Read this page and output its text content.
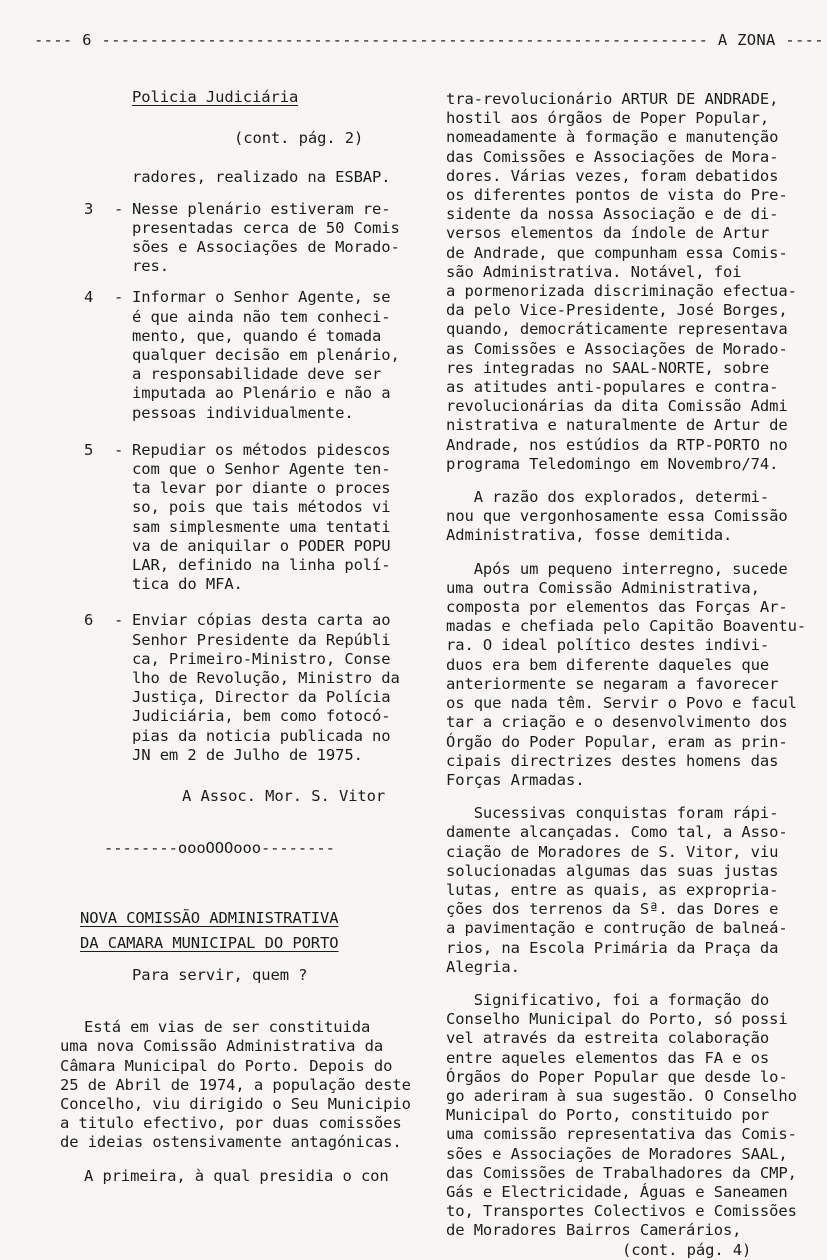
---- 6 --------------------------------------------------------------- A ZONA ----
Policia Judiciária
(cont. pág. 2)
radores, realizado na ESBAP.
3 - Nesse plenário estiveram re-
presentadas cerca de 50 Comis
sões e Associações de Morado-
res.
4 - Informar o Senhor Agente, se
é que ainda não tem conheci-
mento, que, quando é tomada
qualquer decisão em plenário,
a responsabilidade deve ser
imputada ao Plenário e não a
pessoas individualmente.
5 - Repudiar os métodos pidescos
com que o Senhor Agente ten-
ta levar por diante o proces
so, pois que tais métodos vi
sam simplesmente uma tentati
va de aniquilar o PODER POPU
LAR, definido na linha polí-
tica do MFA.
6 - Enviar cópias desta carta ao
Senhor Presidente da Repúbli
ca, Primeiro-Ministro, Conse
lho de Revolução, Ministro da
Justiça, Director da Polícia
Judiciária, bem como fotocó-
pias da noticia publicada no
JN em 2 de Julho de 1975.
A Assoc. Mor. S. Vitor
--------oooOOOooo--------
NOVA COMISSÃO ADMINISTRATIVA
DA CAMARA MUNICIPAL DO PORTO
Para servir, quem ?
Está em vias de ser constituida
uma nova Comissão Administrativa da
Câmara Municipal do Porto. Depois do
25 de Abril de 1974, a população deste
Concelho, viu dirigido o Seu Municipio
a titulo efectivo, por duas comissões
de ideias ostensivamente antagónicas.
A primeira, à qual presidia o con
tra-revolucionário ARTUR DE ANDRADE,
hostil aos órgãos de Poper Popular,
nomeadamente à formação e manutenção
das Comissões e Associações de Mora-
dores. Várias vezes, foram debatidos
os diferentes pontos de vista do Pre-
sidente da nossa Associação e de di-
versos elementos da índole de Artur
de Andrade, que compunham essa Comis-
são Administrativa. Notável, foi
a pormenorizada discriminação efectua-
da pelo Vice-Presidente, José Borges,
quando, democráticamente representava
as Comissões e Associações de Morado-
res integradas no SAAL-NORTE, sobre
as atitudes anti-populares e contra-
revolucionárias da dita Comissão Admi
nistrativa e naturalmente de Artur de
Andrade, nos estúdios da RTP-PORTO no
programa Teledomingo em Novembro/74.
A razão dos explorados, determi-
nou que vergonhosamente essa Comissão
Administrativa, fosse demitida.
Após um pequeno interregno, sucede
uma outra Comissão Administrativa,
composta por elementos das Forças Ar-
madas e chefiada pelo Capitão Boaventu-
ra. O ideal político destes indivi-
duos era bem diferente daqueles que
anteriormente se negaram a favorecer
os que nada têm. Servir o Povo e facul
tar a criação e o desenvolvimento dos
Órgão do Poder Popular, eram as prin-
cipais directrizes destes homens das
Forças Armadas.
Sucessivas conquistas foram rápi-
damente alcançadas. Como tal, a Asso-
ciação de Moradores de S. Vitor, viu
solucionadas algumas das suas justas
lutas, entre as quais, as expropria-
ções dos terrenos da Sª. das Dores e
a pavimentação e contrução de balneá-
rios, na Escola Primária da Praça da
Alegria.
Significativo, foi a formação do
Conselho Municipal do Porto, só possi
vel através da estreita colaboração
entre aqueles elementos das FA e os
Órgãos do Poper Popular que desde lo-
go aderiram à sua sugestão. O Conselho
Municipal do Porto, constituido por
uma comissão representativa das Comis-
sões e Associações de Moradores SAAL,
das Comissões de Trabalhadores da CMP,
Gás e Electricidade, Águas e Saneamen
to, Transportes Colectivos e Comissões
de Moradores Bairros Camerários,
(cont. pág. 4)
